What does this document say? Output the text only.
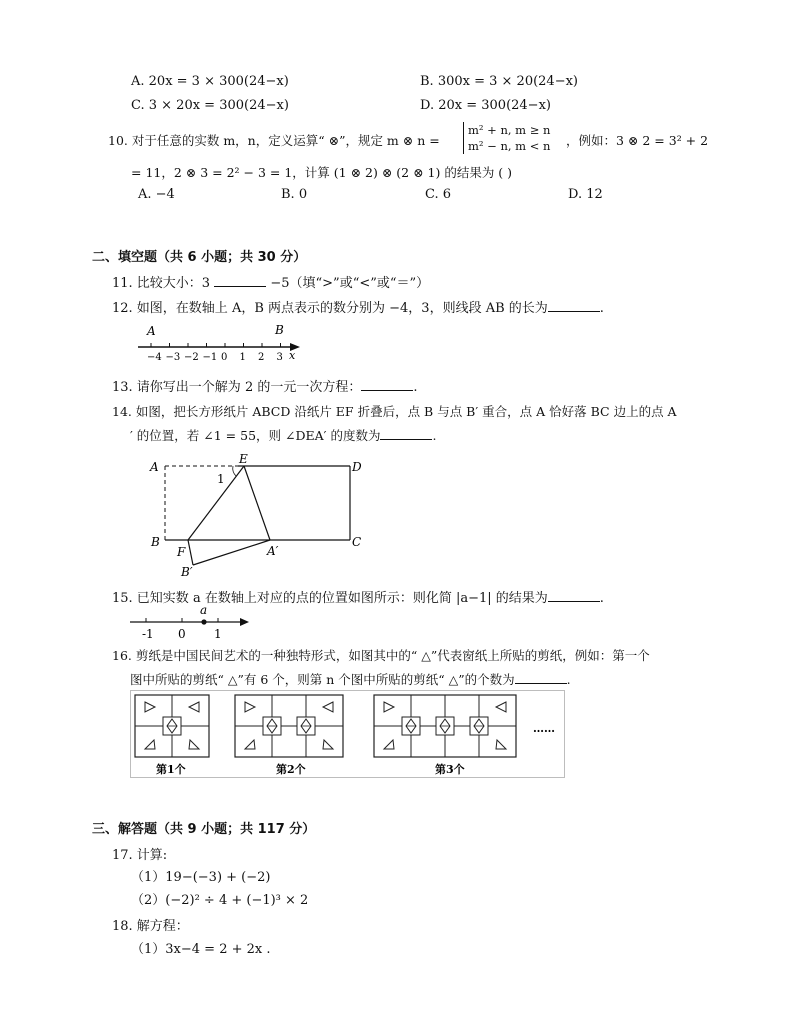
A. 20x = 3 × 300(24−x)	B. 300x = 3 × 20(24−x)
C. 3 × 20x = 300(24−x)	D. 20x = 300(24−x)
10. 对于任意的实数 m，n，定义运算“ ⊗”，规定 m ⊗ n =
m² + n, m ≥ n
m² − n, m < n ，例如：3 ⊗ 2 = 3² + 2
= 11，2 ⊗ 3 = 2² − 3 = 1，计算 (1 ⊗ 2) ⊗ (2 ⊗ 1) 的结果为 ( )
A. −4	B. 0	C. 6	D. 12
二、填空题（共 6 小题；共 30 分）
11. 比较大小：3	−5（填“>”或“<”或“＝”）
12. 如图，在数轴上 A，B 两点表示的数分别为 −4，3，则线段 AB 的长为	.
A	B
−4 −3 −2 −1 0 1 2 3 x
13. 请你写出一个解为 2 的一元一次方程：	.
14. 如图，把长方形纸片 ABCD 沿纸片 EF 折叠后，点 B 与点 B′ 重合，点 A 恰好落 BC 边上的点 A
′ 的位置，若 ∠1 = 55，则 ∠DEA′ 的度数为	.
A
E
D
1
B
F	A′
C
B′
15. 已知实数 a 在数轴上对应的点的位置如图所示：则化简 |a−1| 的结果为	.
a
-1 0 1
16. 剪纸是中国民间艺术的一种独特形式，如图其中的“ △”代表窗纸上所贴的剪纸，例如：第一个
图中所贴的剪纸“ △”有 6 个，则第 n 个图中所贴的剪纸“ △”的个数为	.
第1个	第2个	第3个
……
三、解答题（共 9 小题；共 117 分）
17. 计算:
（1）19−(−3) + (−2)
（2）(−2)² ÷ 4 + (−1)³ × 2
18. 解方程：
（1）3x−4 = 2 + 2x .
